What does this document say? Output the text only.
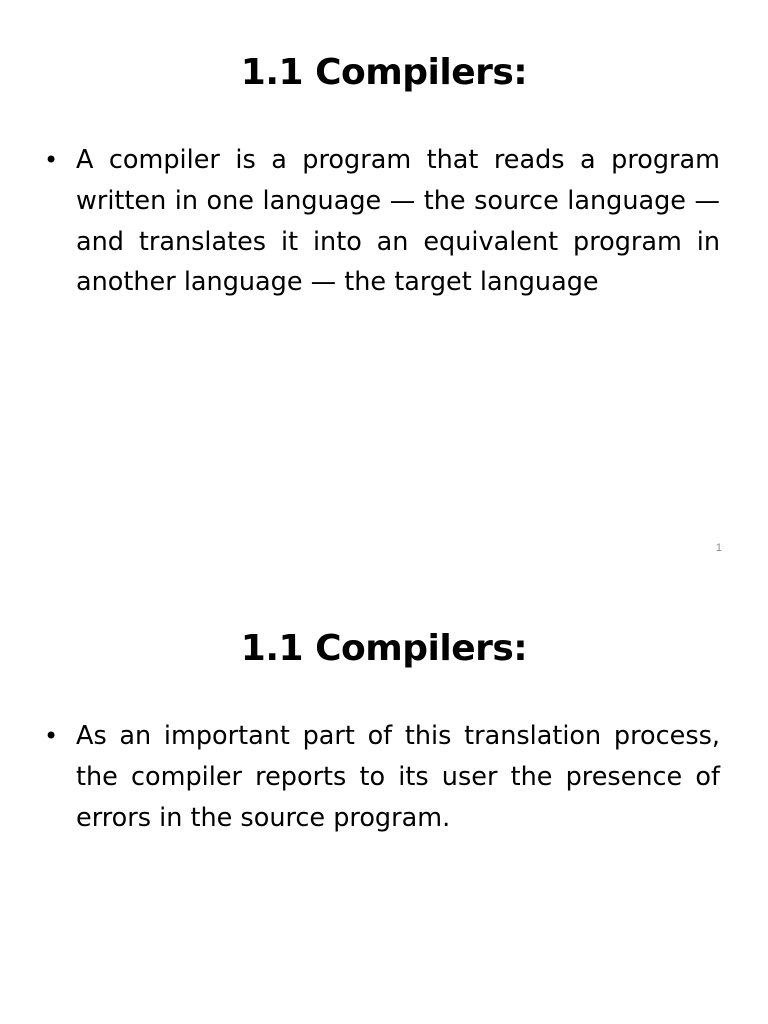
1.1 Compilers:
• A compiler is a program that reads a program written in one language — the source language — and translates it into an equivalent program in another language — the target language
1
1.1 Compilers:
• As an important part of this translation process, the compiler reports to its user the presence of errors in the source program.
